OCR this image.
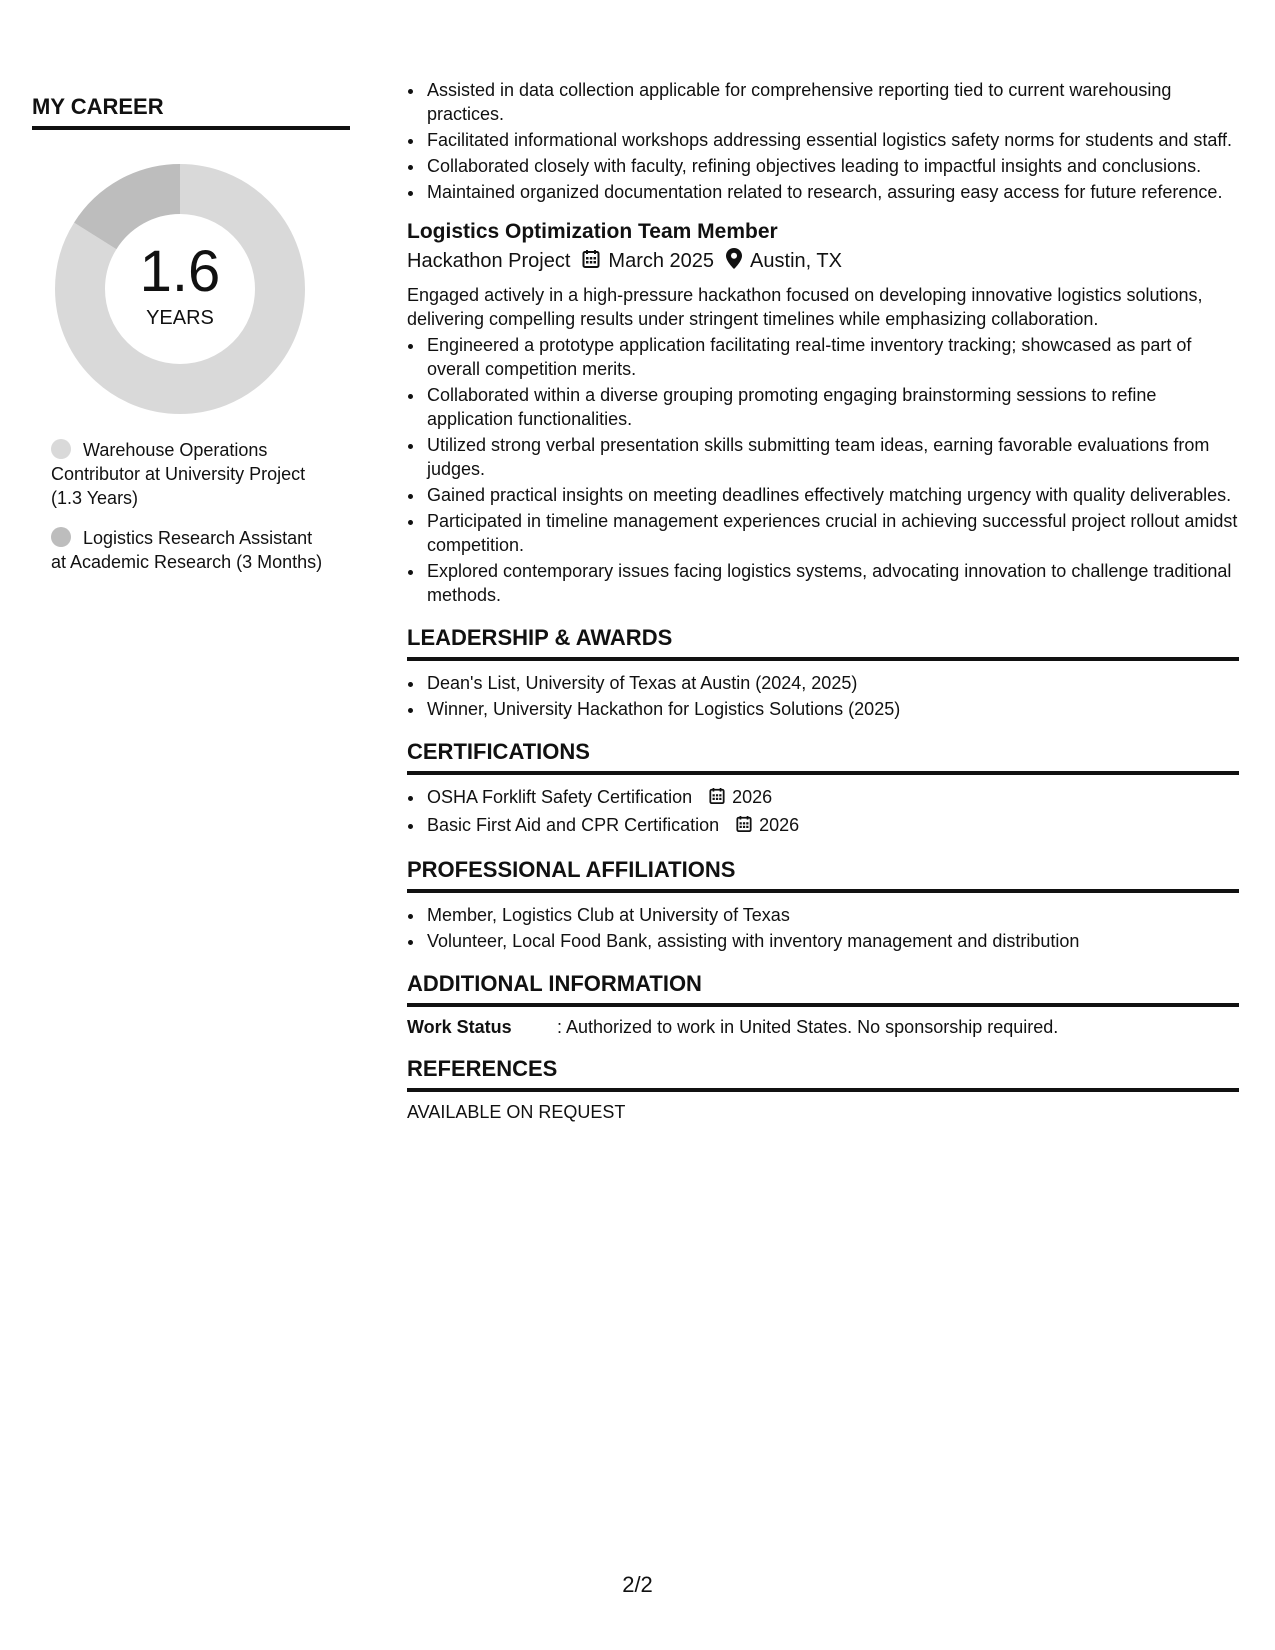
MY CAREER
1.6
YEARS
Warehouse Operations Contributor at University Project (1.3 Years)
Logistics Research Assistant at Academic Research (3 Months)
• Assisted in data collection applicable for comprehensive reporting tied to current warehousing practices.
• Facilitated informational workshops addressing essential logistics safety norms for students and staff.
• Collaborated closely with faculty, refining objectives leading to impactful insights and conclusions.
• Maintained organized documentation related to research, assuring easy access for future reference.
Logistics Optimization Team Member
Hackathon Project March 2025 Austin, TX
Engaged actively in a high-pressure hackathon focused on developing innovative logistics solutions, delivering compelling results under stringent timelines while emphasizing collaboration.
• Engineered a prototype application facilitating real-time inventory tracking; showcased as part of overall competition merits.
• Collaborated within a diverse grouping promoting engaging brainstorming sessions to refine application functionalities.
• Utilized strong verbal presentation skills submitting team ideas, earning favorable evaluations from judges.
• Gained practical insights on meeting deadlines effectively matching urgency with quality deliverables.
• Participated in timeline management experiences crucial in achieving successful project rollout amidst competition.
• Explored contemporary issues facing logistics systems, advocating innovation to challenge traditional methods.
LEADERSHIP & AWARDS
• Dean's List, University of Texas at Austin (2024, 2025)
• Winner, University Hackathon for Logistics Solutions (2025)
CERTIFICATIONS
• OSHA Forklift Safety Certification 2026
• Basic First Aid and CPR Certification 2026
PROFESSIONAL AFFILIATIONS
• Member, Logistics Club at University of Texas
• Volunteer, Local Food Bank, assisting with inventory management and distribution
ADDITIONAL INFORMATION
Work Status	: Authorized to work in United States. No sponsorship required.
REFERENCES
AVAILABLE ON REQUEST
2/2
